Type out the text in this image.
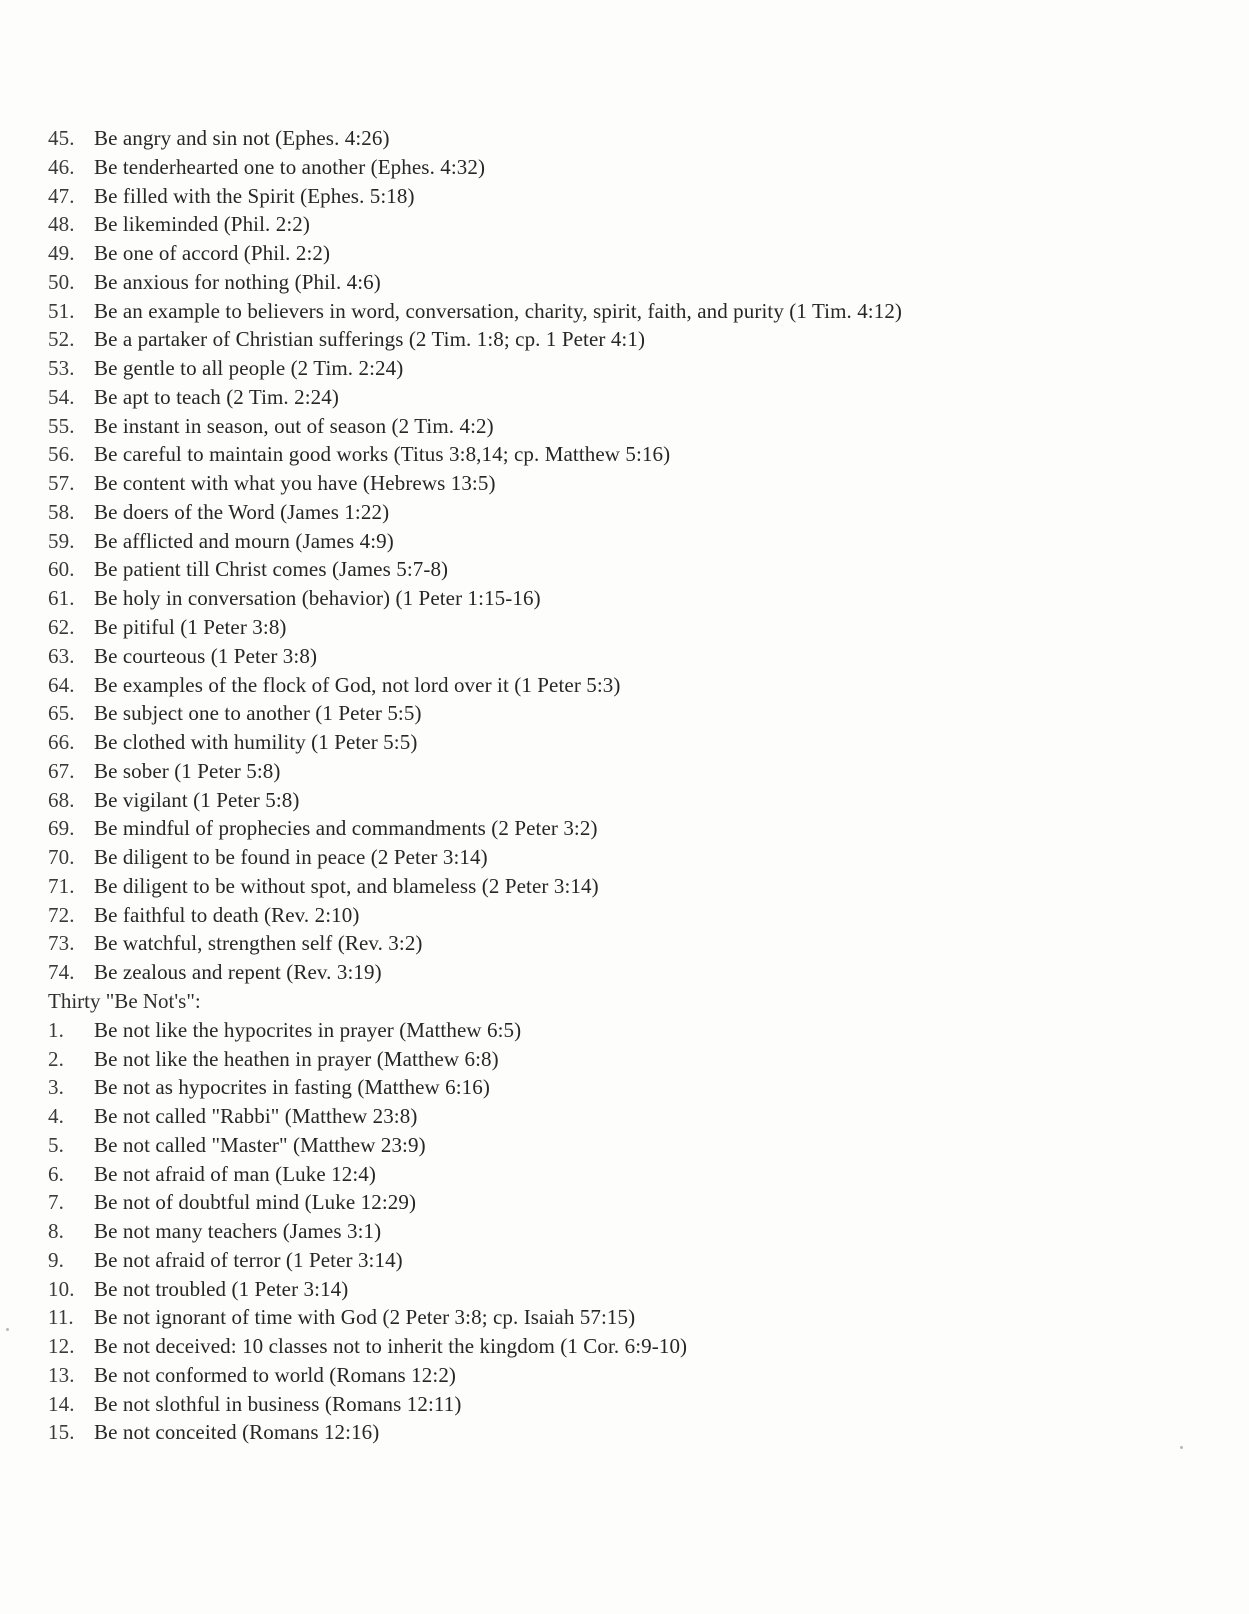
45. Be angry and sin not (Ephes. 4:26)
46. Be tenderhearted one to another (Ephes. 4:32)
47. Be filled with the Spirit (Ephes. 5:18)
48. Be likeminded (Phil. 2:2)
49. Be one of accord (Phil. 2:2)
50. Be anxious for nothing (Phil. 4:6)
51. Be an example to believers in word, conversation, charity, spirit, faith, and purity (1 Tim. 4:12)
52. Be a partaker of Christian sufferings (2 Tim. 1:8; cp. 1 Peter 4:1)
53. Be gentle to all people (2 Tim. 2:24)
54. Be apt to teach (2 Tim. 2:24)
55. Be instant in season, out of season (2 Tim. 4:2)
56. Be careful to maintain good works (Titus 3:8,14; cp. Matthew 5:16)
57. Be content with what you have (Hebrews 13:5)
58. Be doers of the Word (James 1:22)
59. Be afflicted and mourn (James 4:9)
60. Be patient till Christ comes (James 5:7-8)
61. Be holy in conversation (behavior) (1 Peter 1:15-16)
62. Be pitiful (1 Peter 3:8)
63. Be courteous (1 Peter 3:8)
64. Be examples of the flock of God, not lord over it (1 Peter 5:3)
65. Be subject one to another (1 Peter 5:5)
66. Be clothed with humility (1 Peter 5:5)
67. Be sober (1 Peter 5:8)
68. Be vigilant (1 Peter 5:8)
69. Be mindful of prophecies and commandments (2 Peter 3:2)
70. Be diligent to be found in peace (2 Peter 3:14)
71. Be diligent to be without spot, and blameless (2 Peter 3:14)
72. Be faithful to death (Rev. 2:10)
73. Be watchful, strengthen self (Rev. 3:2)
74. Be zealous and repent (Rev. 3:19)
Thirty "Be Not's":
1.	Be not like the hypocrites in prayer (Matthew 6:5)
2.	Be not like the heathen in prayer (Matthew 6:8)
3.	Be not as hypocrites in fasting (Matthew 6:16)
4.	Be not called "Rabbi" (Matthew 23:8)
5.	Be not called "Master" (Matthew 23:9)
6.	Be not afraid of man (Luke 12:4)
7.	Be not of doubtful mind (Luke 12:29)
8.	Be not many teachers (James 3:1)
9.	Be not afraid of terror (1 Peter 3:14)
10. Be not troubled (1 Peter 3:14)
11. Be not ignorant of time with God (2 Peter 3:8; cp. Isaiah 57:15)
12. Be not deceived: 10 classes not to inherit the kingdom (1 Cor. 6:9-10)
13. Be not conformed to world (Romans 12:2)
14. Be not slothful in business (Romans 12:11)
15. Be not conceited (Romans 12:16)
